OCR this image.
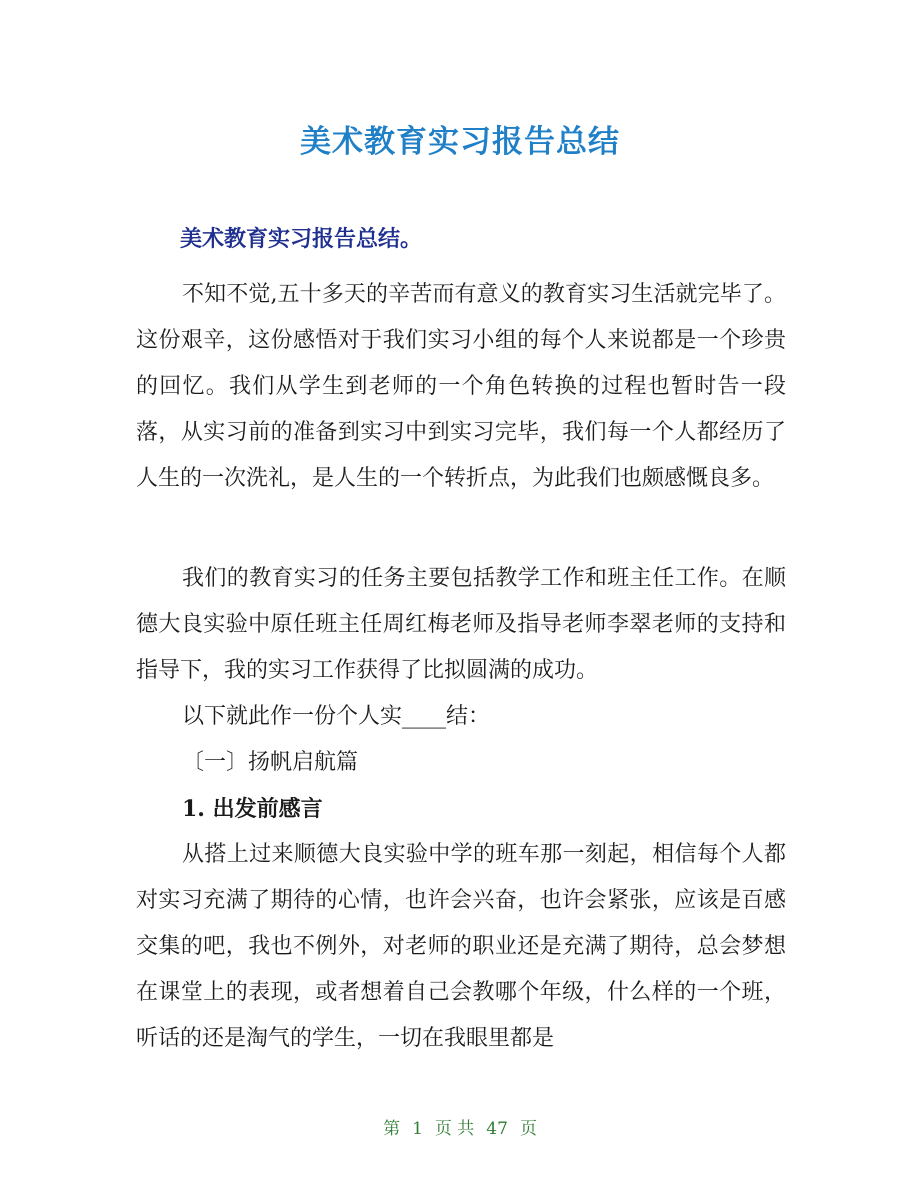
美术教育实习报告总结
美术教育实习报告总结。

不知不觉,五十多天的辛苦而有意义的教育实习生活就完毕了。这份艰辛，这份感悟对于我们实习小组的每个人来说都是一个珍贵的回忆。我们从学生到老师的一个角色转换的过程也暂时告一段落，从实习前的准备到实习中到实习完毕，我们每一个人都经历了人生的一次洗礼，是人生的一个转折点，为此我们也颇感慨良多。

我们的教育实习的任务主要包括教学工作和班主任工作。在顺德大良实验中原任班主任周红梅老师及指导老师李翠老师的支持和指导下，我的实习工作获得了比拟圆满的成功。

以下就此作一份个人实____结：
〔一〕扬帆启航篇
1. 出发前感言

从搭上过来顺德大良实验中学的班车那一刻起，相信每个人都对实习充满了期待的心情，也许会兴奋，也许会紧张，应该是百感交集的吧，我也不例外，对老师的职业还是充满了期待，总会梦想在课堂上的表现，或者想着自己会教哪个年级，什么样的一个班，听话的还是淘气的学生，一切在我眼里都是

第 1 页 共 47 页
